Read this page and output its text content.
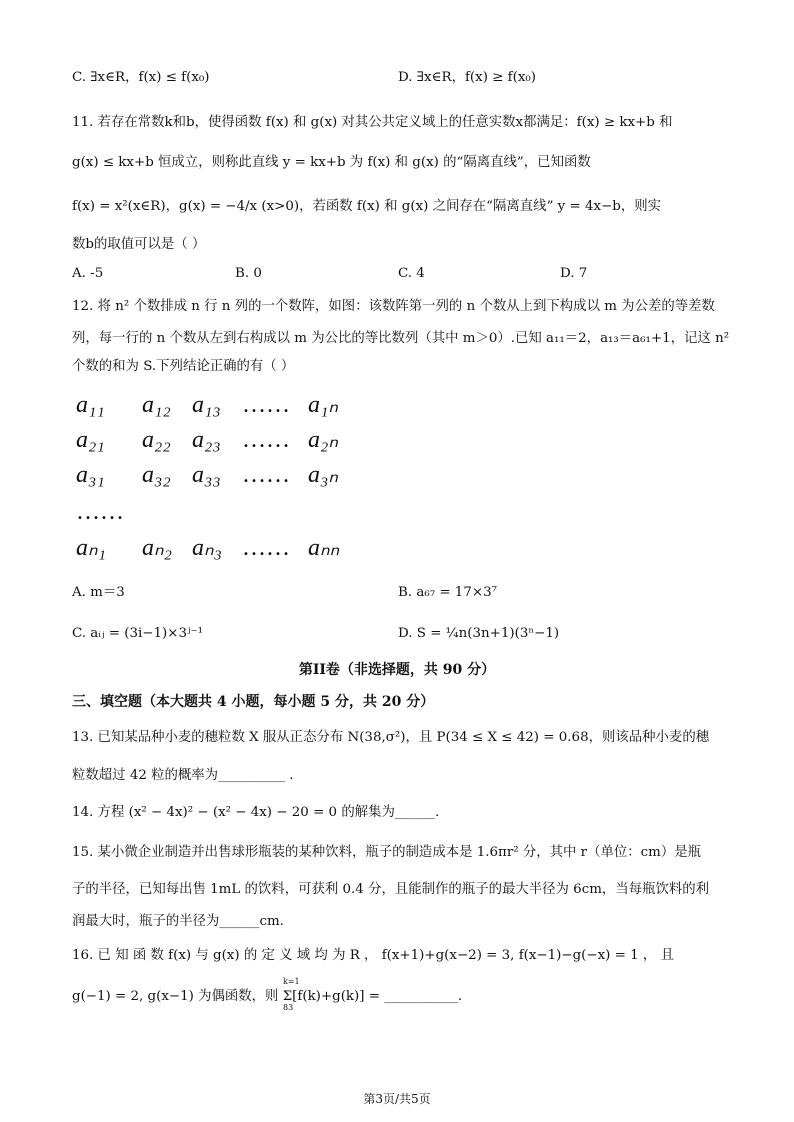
C. ∃x∈R，f(x) ≤ f(x₀)	D. ∃x∈R，f(x) ≥ f(x₀)
11. 若存在常数k和b，使得函数 f(x) 和 g(x) 对其公共定义域上的任意实数x都满足：f(x) ≥ kx+b 和
g(x) ≤ kx+b 恒成立，则称此直线 y = kx+b 为 f(x) 和 g(x) 的“隔离直线”，已知函数
f(x) = x²(x∈R)，g(x) = −4/x (x>0)，若函数 f(x) 和 g(x) 之间存在“隔离直线” y = 4x−b，则实
数b的取值可以是（ ）
A. -5	B. 0	C. 4	D. 7
12. 将 n² 个数排成 n 行 n 列的一个数阵，如图：该数阵第一列的 n 个数从上到下构成以 m 为公差的等差数
列，每一行的 n 个数从左到右构成以 m 为公比的等比数列（其中 m＞0）.已知 a₁₁＝2，a₁₃＝a₆₁+1，记这 n²
个数的和为 S.下列结论正确的有（ ）
a₁₁ a₁₂ a₁₃ …… a₁ₙ
a₂₁ a₂₂ a₂₃ …… a₂ₙ
a₃₁ a₃₂ a₃₃ …… a₃ₙ
……
aₙ₁ aₙ₂ aₙ₃ …… aₙₙ
A. m＝3	B. a₆₇ = 17×3⁷
C. aᵢⱼ = (3i−1)×3ʲ⁻¹	D. S = ¼n(3n+1)(3ⁿ−1)
第II卷（非选择题，共 90 分）
三、填空题（本大题共 4 小题，每小题 5 分，共 20 分）
13. 已知某品种小麦的穗粒数 X 服从正态分布 N(38,σ²)，且 P(34 ≤ X ≤ 42) = 0.68，则该品种小麦的穗
粒数超过 42 粒的概率为__________ .
14. 方程 (x² − 4x)² − (x² − 4x) − 20 = 0 的解集为______.
15. 某小微企业制造并出售球形瓶装的某种饮料，瓶子的制造成本是 1.6πr² 分，其中 r（单位：cm）是瓶
子的半径，已知每出售 1mL 的饮料，可获利 0.4 分，且能制作的瓶子的最大半径为 6cm，当每瓶饮料的利
润最大时，瓶子的半径为______cm.
16. 已 知 函 数 f(x) 与 g(x) 的 定 义 域 均 为 R ， f(x+1)+g(x−2) = 3, f(x−1)−g(−x) = 1 ， 且
g(−1) = 2, g(x−1) 为偶函数，则 Σ[f(k)+g(k)] = ___________.
k=1
83
第3页/共5页
